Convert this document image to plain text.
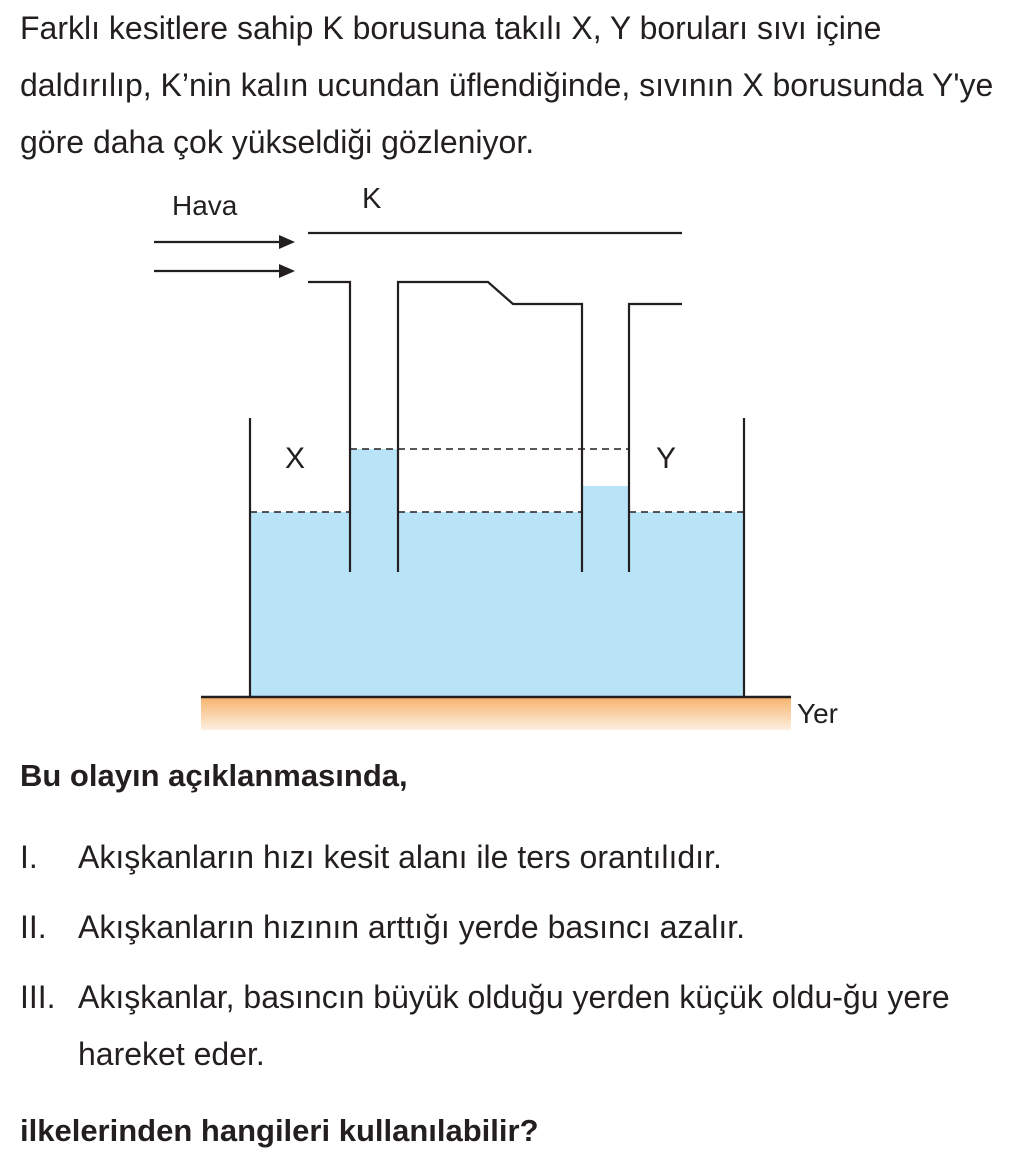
Farklı kesitlere sahip K borusuna takılı X, Y boruları sıvı içine daldırılıp, K’nin kalın ucundan üflendiğinde, sıvının X borusunda Y'ye göre daha çok yükseldiği gözleniyor.

Hava	K
X	Y
Yer

Bu olayın açıklanmasında,

I.	Akışkanların hızı kesit alanı ile ters orantılıdır.
II. Akışkanların hızının arttığı yerde basıncı azalır.
III. Akışkanlar, basıncın büyük olduğu yerden küçük oldu-ğu yere hareket eder.

ilkelerinden hangileri kullanılabilir?
